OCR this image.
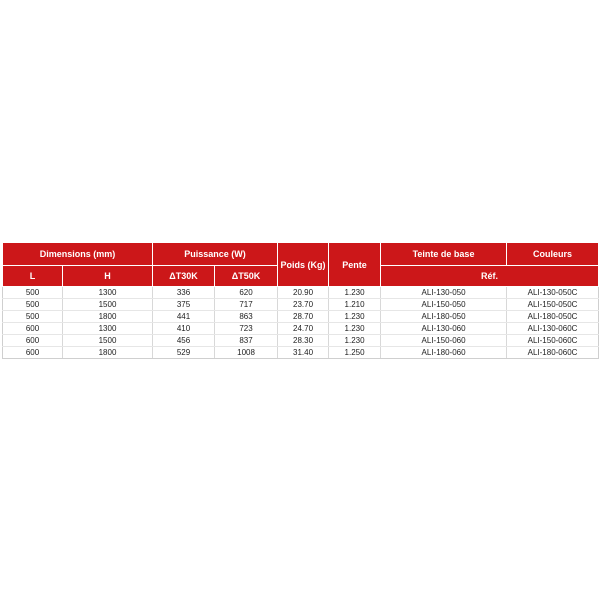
Dimensions (mm)		Puissance (W)		Poids (Kg)	Pente	Teinte de base	Couleurs
L	H	ΔT30K	ΔT50K			Réf.	
500	1300	336	620	20.90	1.230	ALI-130-050	ALI-130-050C
500	1500	375	717	23.70	1.210	ALI-150-050	ALI-150-050C
500	1800	441	863	28.70	1.230	ALI-180-050	ALI-180-050C
600	1300	410	723	24.70	1.230	ALI-130-060	ALI-130-060C
600	1500	456	837	28.30	1.230	ALI-150-060	ALI-150-060C
600	1800	529	1008	31.40	1.250	ALI-180-060	ALI-180-060C
